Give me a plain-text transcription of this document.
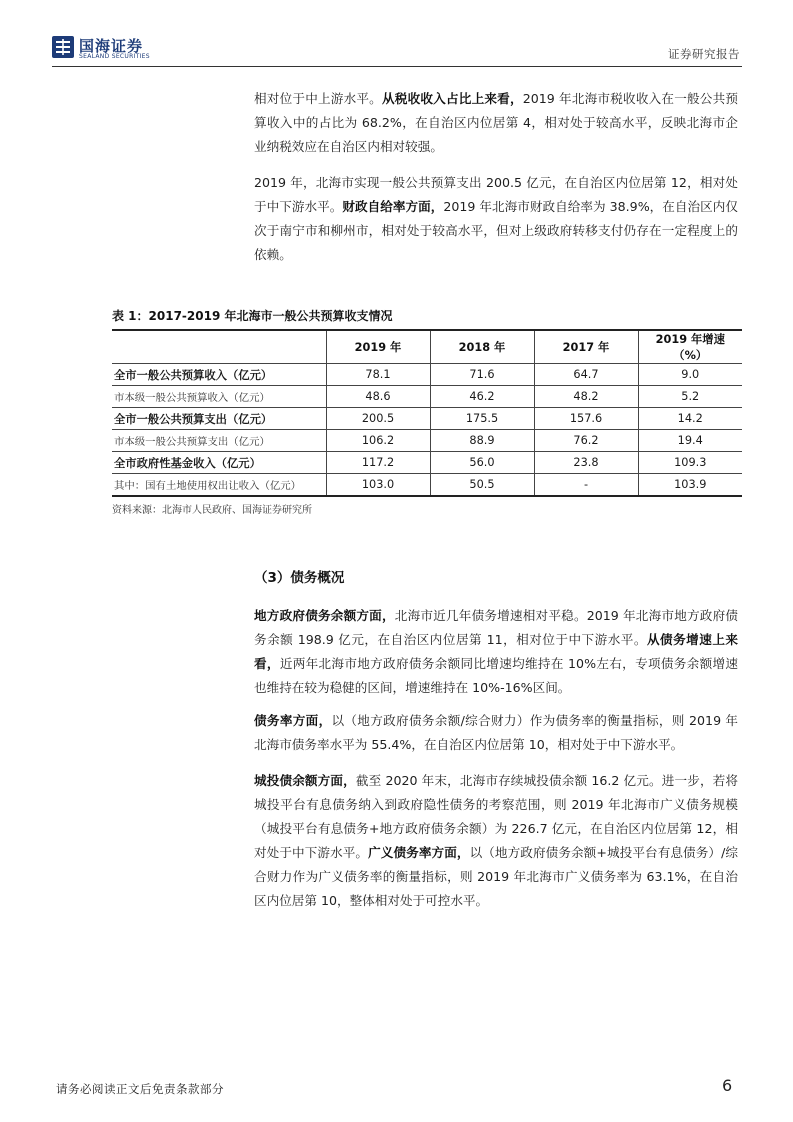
国海证券
SEALAND SECURITIES	证券研究报告
相对位于中上游水平。从税收收入占比上来看，2019 年北海市税收收入在一般公共预算收入中的占比为 68.2%，在自治区内位居第 4，相对处于较高水平，反映北海市企业纳税效应在自治区内相对较强。
2019 年，北海市实现一般公共预算支出 200.5 亿元，在自治区内位居第 12，相对处于中下游水平。财政自给率方面，2019 年北海市财政自给率为 38.9%，在自治区内仅次于南宁市和柳州市，相对处于较高水平，但对上级政府转移支付仍存在一定程度上的依赖。
表 1：2017-2019 年北海市一般公共预算收支情况
	2019 年	2018 年	2017 年	2019 年增速（%）
全市一般公共预算收入（亿元）	78.1	71.6	64.7	9.0
市本级一般公共预算收入（亿元）	48.6	46.2	48.2	5.2
全市一般公共预算支出（亿元）	200.5	175.5	157.6	14.2
市本级一般公共预算支出（亿元）	106.2	88.9	76.2	19.4
全市政府性基金收入（亿元）	117.2	56.0	23.8	109.3
其中：国有土地使用权出让收入（亿元）	103.0	50.5	-	103.9
资料来源：北海市人民政府、国海证券研究所
（3）债务概况
地方政府债务余额方面，北海市近几年债务增速相对平稳。2019 年北海市地方政府债务余额 198.9 亿元，在自治区内位居第 11，相对位于中下游水平。从债务增速上来看，近两年北海市地方政府债务余额同比增速均维持在 10%左右，专项债务余额增速也维持在较为稳健的区间，增速维持在 10%-16%区间。
债务率方面，以（地方政府债务余额/综合财力）作为债务率的衡量指标，则 2019 年北海市债务率水平为 55.4%，在自治区内位居第 10，相对处于中下游水平。
城投债余额方面，截至 2020 年末，北海市存续城投债余额 16.2 亿元。进一步，若将城投平台有息债务纳入到政府隐性债务的考察范围，则 2019 年北海市广义债务规模（城投平台有息债务+地方政府债务余额）为 226.7 亿元，在自治区内位居第 12，相对处于中下游水平。广义债务率方面，以（地方政府债务余额+城投平台有息债务）/综合财力作为广义债务率的衡量指标，则 2019 年北海市广义债务率为 63.1%，在自治区内位居第 10，整体相对处于可控水平。
请务必阅读正文后免责条款部分	6
